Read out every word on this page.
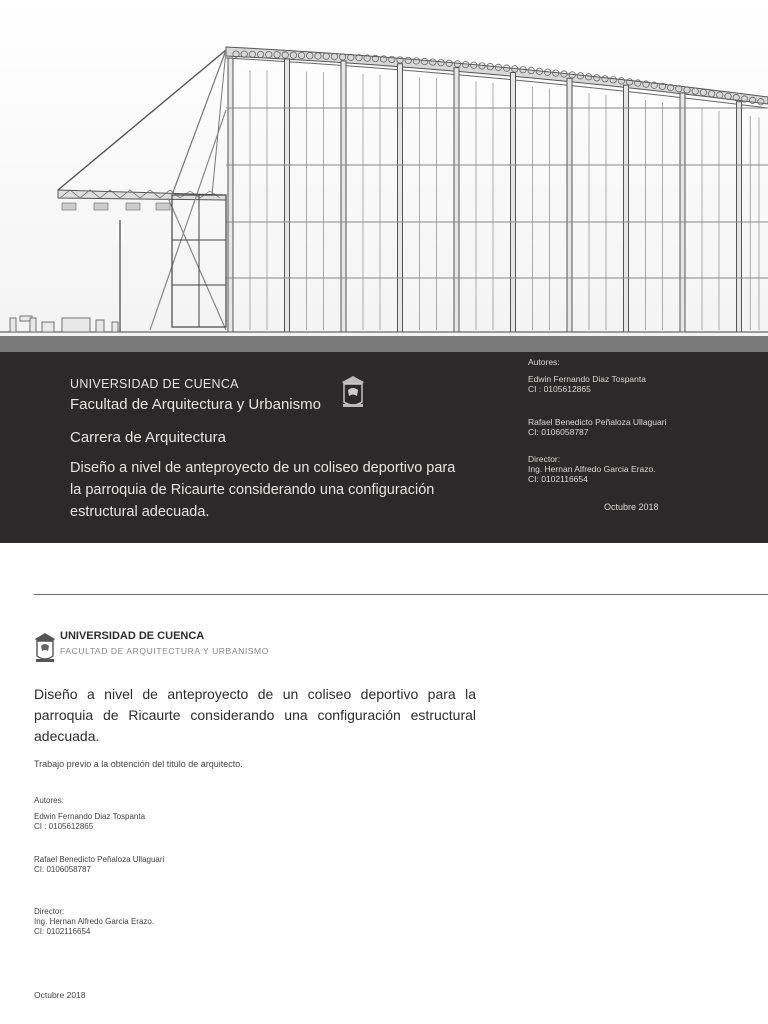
....
UNIVERSIDAD DE CUENCA
Facultad de Arquitectura y Urbanismo
Carrera de Arquitectura
Diseño a nivel de anteproyecto de un coliseo deportivo para la parroquia de Ricaurte considerando una configuración estructural adecuada.
Autores:
Edwin Fernando Diaz Tospanta
CI : 0105612865
Rafael Benedicto Peñaloza Ullaguari
CI: 0106058787
Director:
Ing. Hernan Alfredo Garcia Erazo.
CI: 0102116654
Octubre 2018
UNIVERSIDAD DE CUENCA
FACULTAD DE ARQUITECTURA Y URBANISMO
Diseño a nivel de anteproyecto de un coliseo deportivo para la parroquia de Ricaurte considerando una configuración estructural adecuada.
Trabajo previo a la obtención del titulo de arquitecto.
Autores:
Edwin Fernando Diaz Tospanta
CI : 0105612865
Rafael Benedicto Peñaloza Ullaguari
CI: 0106058787
Director:
Ing. Hernan Alfredo Garcia Erazo.
CI: 0102116654
Octubre 2018
